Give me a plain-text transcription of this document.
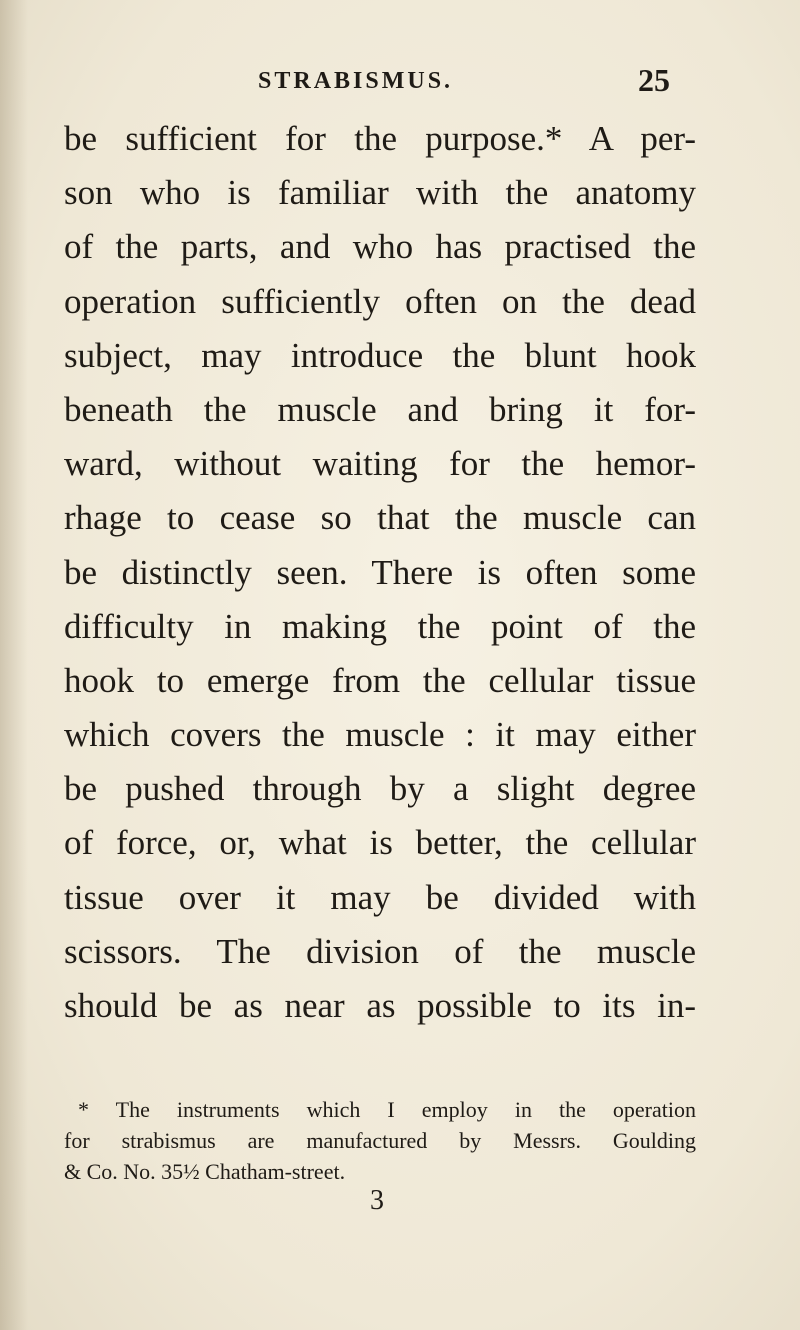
STRABISMUS.	25
be sufficient for the purpose.* A per-
son who is familiar with the anatomy
of the parts, and who has practised the
operation sufficiently often on the dead
subject, may introduce the blunt hook
beneath the muscle and bring it for-
ward, without waiting for the hemor-
rhage to cease so that the muscle can
be distinctly seen. There is often some
difficulty in making the point of the
hook to emerge from the cellular tissue
which covers the muscle : it may either
be pushed through by a slight degree
of force, or, what is better, the cellular
tissue over it may be divided with
scissors. The division of the muscle
should be as near as possible to its in-
* The instruments which I employ in the operation
for strabismus are manufactured by Messrs. Goulding
& Co. No. 35½ Chatham-street.
3
